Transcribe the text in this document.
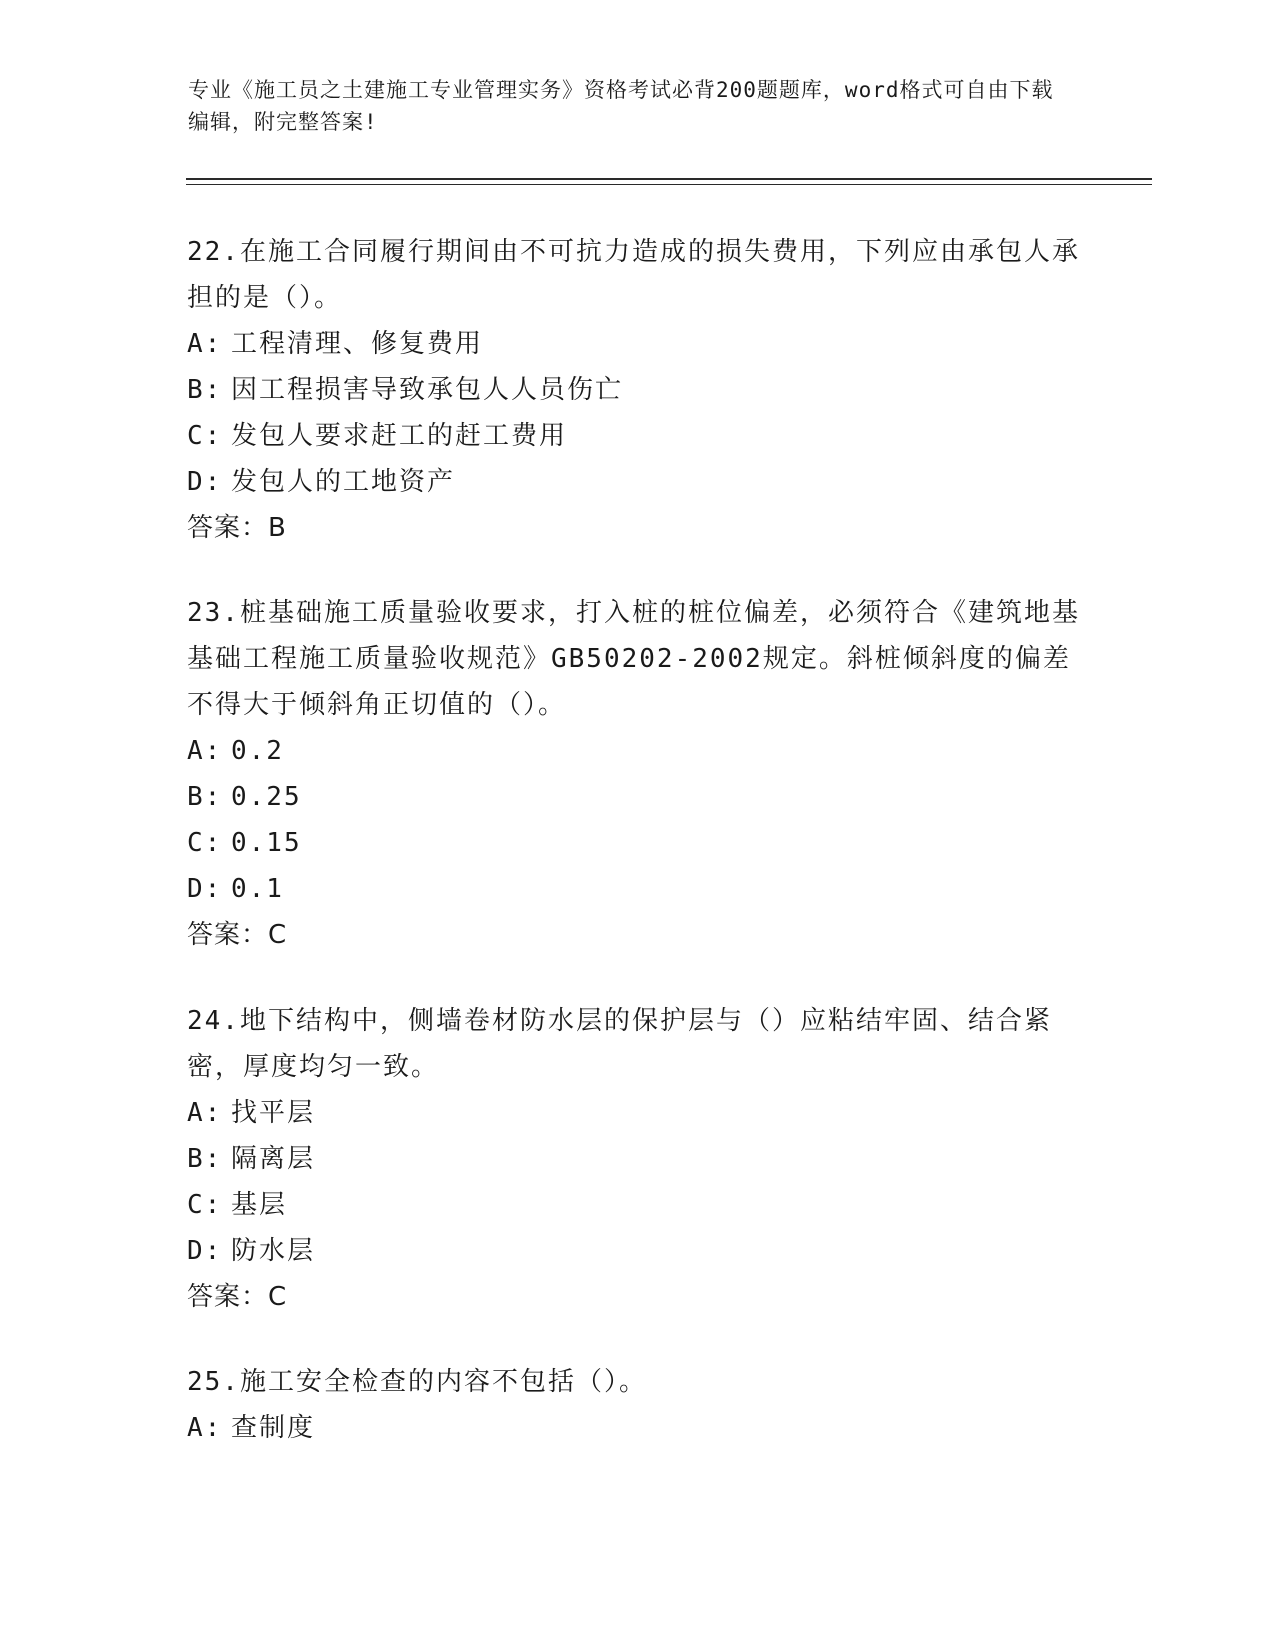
专业《施工员之土建施工专业管理实务》资格考试必背200题题库，word格式可自由下载编辑，附完整答案!

22.在施工合同履行期间由不可抗力造成的损失费用，下列应由承包人承担的是（）。

A: 工程清理、修复费用

B: 因工程损害导致承包人人员伤亡

C: 发包人要求赶工的赶工费用

D: 发包人的工地资产

答案：B

23.桩基础施工质量验收要求，打入桩的桩位偏差，必须符合《建筑地基基础工程施工质量验收规范》GB50202-2002规定。斜桩倾斜度的偏差不得大于倾斜角正切值的（）。

A: 0.2

B: 0.25

C: 0.15

D: 0.1

答案：C

24.地下结构中，侧墙卷材防水层的保护层与（）应粘结牢固、结合紧密，厚度均匀一致。

A: 找平层

B: 隔离层

C: 基层

D: 防水层

答案：C

25.施工安全检查的内容不包括（）。

A: 查制度
